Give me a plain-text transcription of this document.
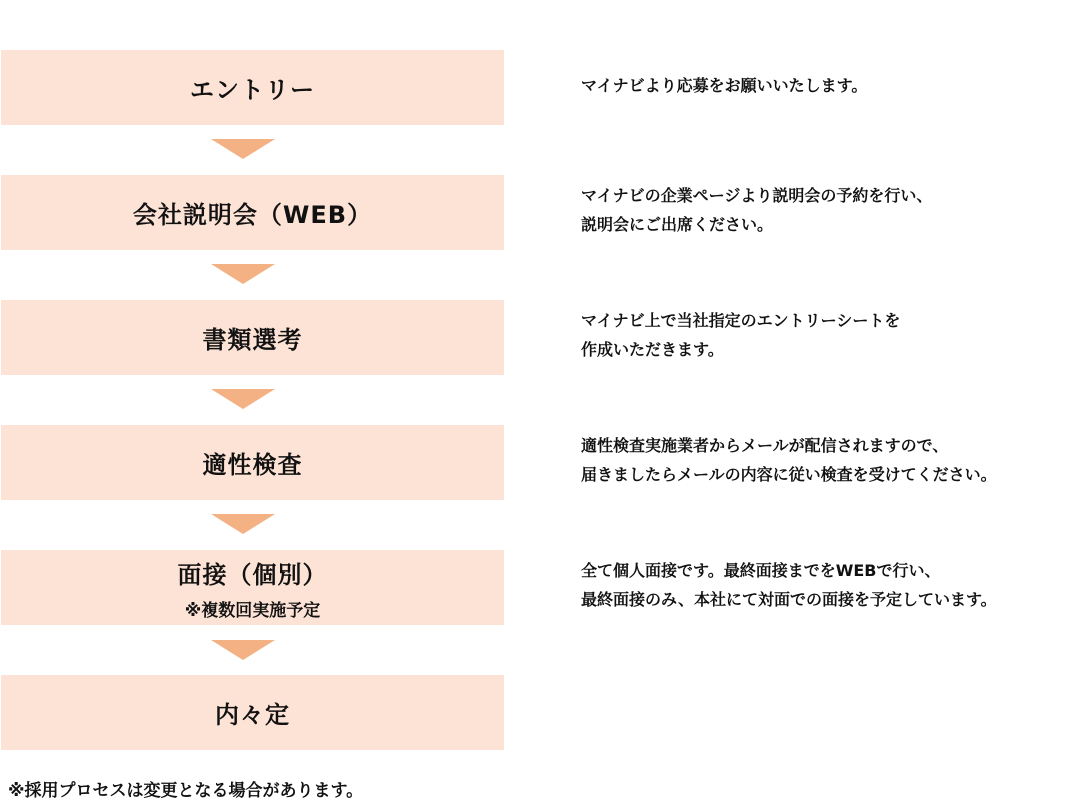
エントリー	マイナビより応募をお願いいたします。
会社説明会（WEB）
マイナビの企業ページより説明会の予約を行い、
説明会にご出席ください。
書類選考
マイナビ上で当社指定のエントリーシートを
作成いただきます。
適性検査
適性検査実施業者からメールが配信されますので、
届きましたらメールの内容に従い検査を受けてください。
面接（個別）
※複数回実施予定
全て個人面接です。最終面接までをWEBで行い、
最終面接のみ、本社にて対面での面接を予定しています。
内々定
※採用プロセスは変更となる場合があります。
